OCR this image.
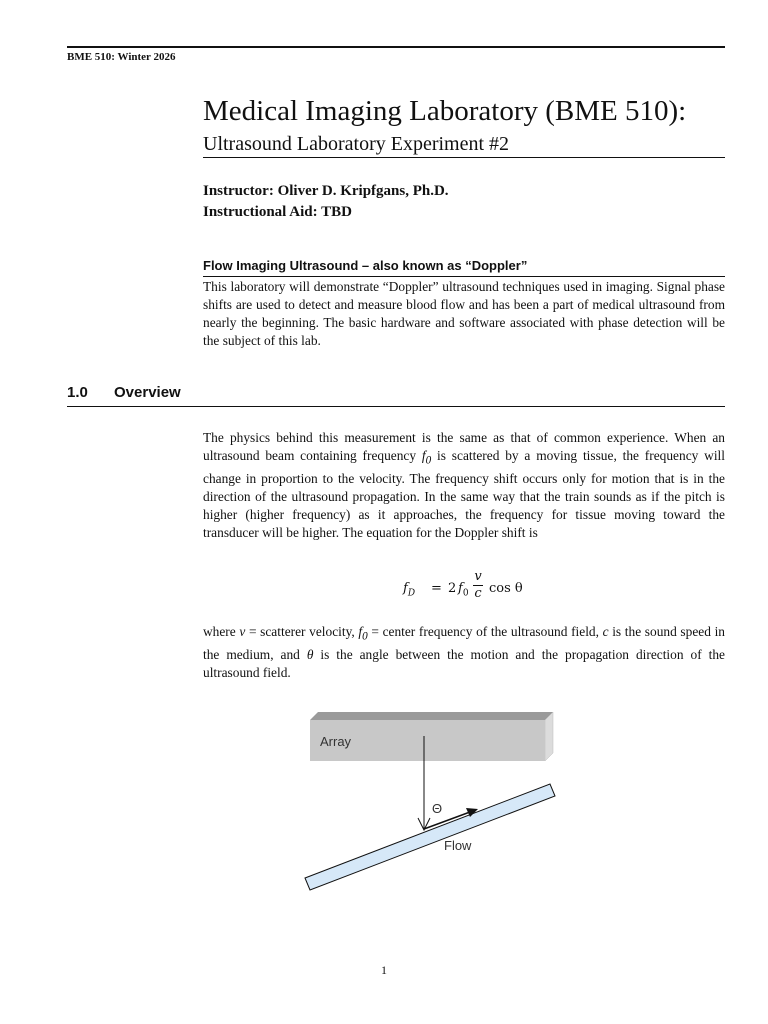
BME 510: Winter 2026
Medical Imaging Laboratory (BME 510):
Ultrasound Laboratory Experiment #2
Instructor: Oliver D. Kripfgans, Ph.D.
Instructional Aid: TBD
Flow Imaging Ultrasound – also known as “Doppler”
This laboratory will demonstrate “Doppler” ultrasound techniques used in imaging. Signal phase shifts are used to detect and measure blood flow and has been a part of medical ultrasound from nearly the beginning. The basic hardware and software associated with phase detection will be the subject of this lab.
1.0 Overview
The physics behind this measurement is the same as that of common experience. When an ultrasound beam containing frequency $f_0$ is scattered by a moving tissue, the frequency will change in proportion to the velocity. The frequency shift occurs only for motion that is in the direction of the ultrasound propagation. In the same way that the train sounds as if the pitch is higher (higher frequency) as it approaches, the frequency for tissue moving toward the transducer will be higher. The equation for the Doppler shift is
$f_D = 2$ $f_0$
v
c cos θ
where ν = scatterer velocity, $f_0$ = center frequency of the ultrasound field, c is the sound speed in the medium, and θ is the angle between the motion and the propagation direction of the ultrasound field.
Array
Θ
Flow
1
